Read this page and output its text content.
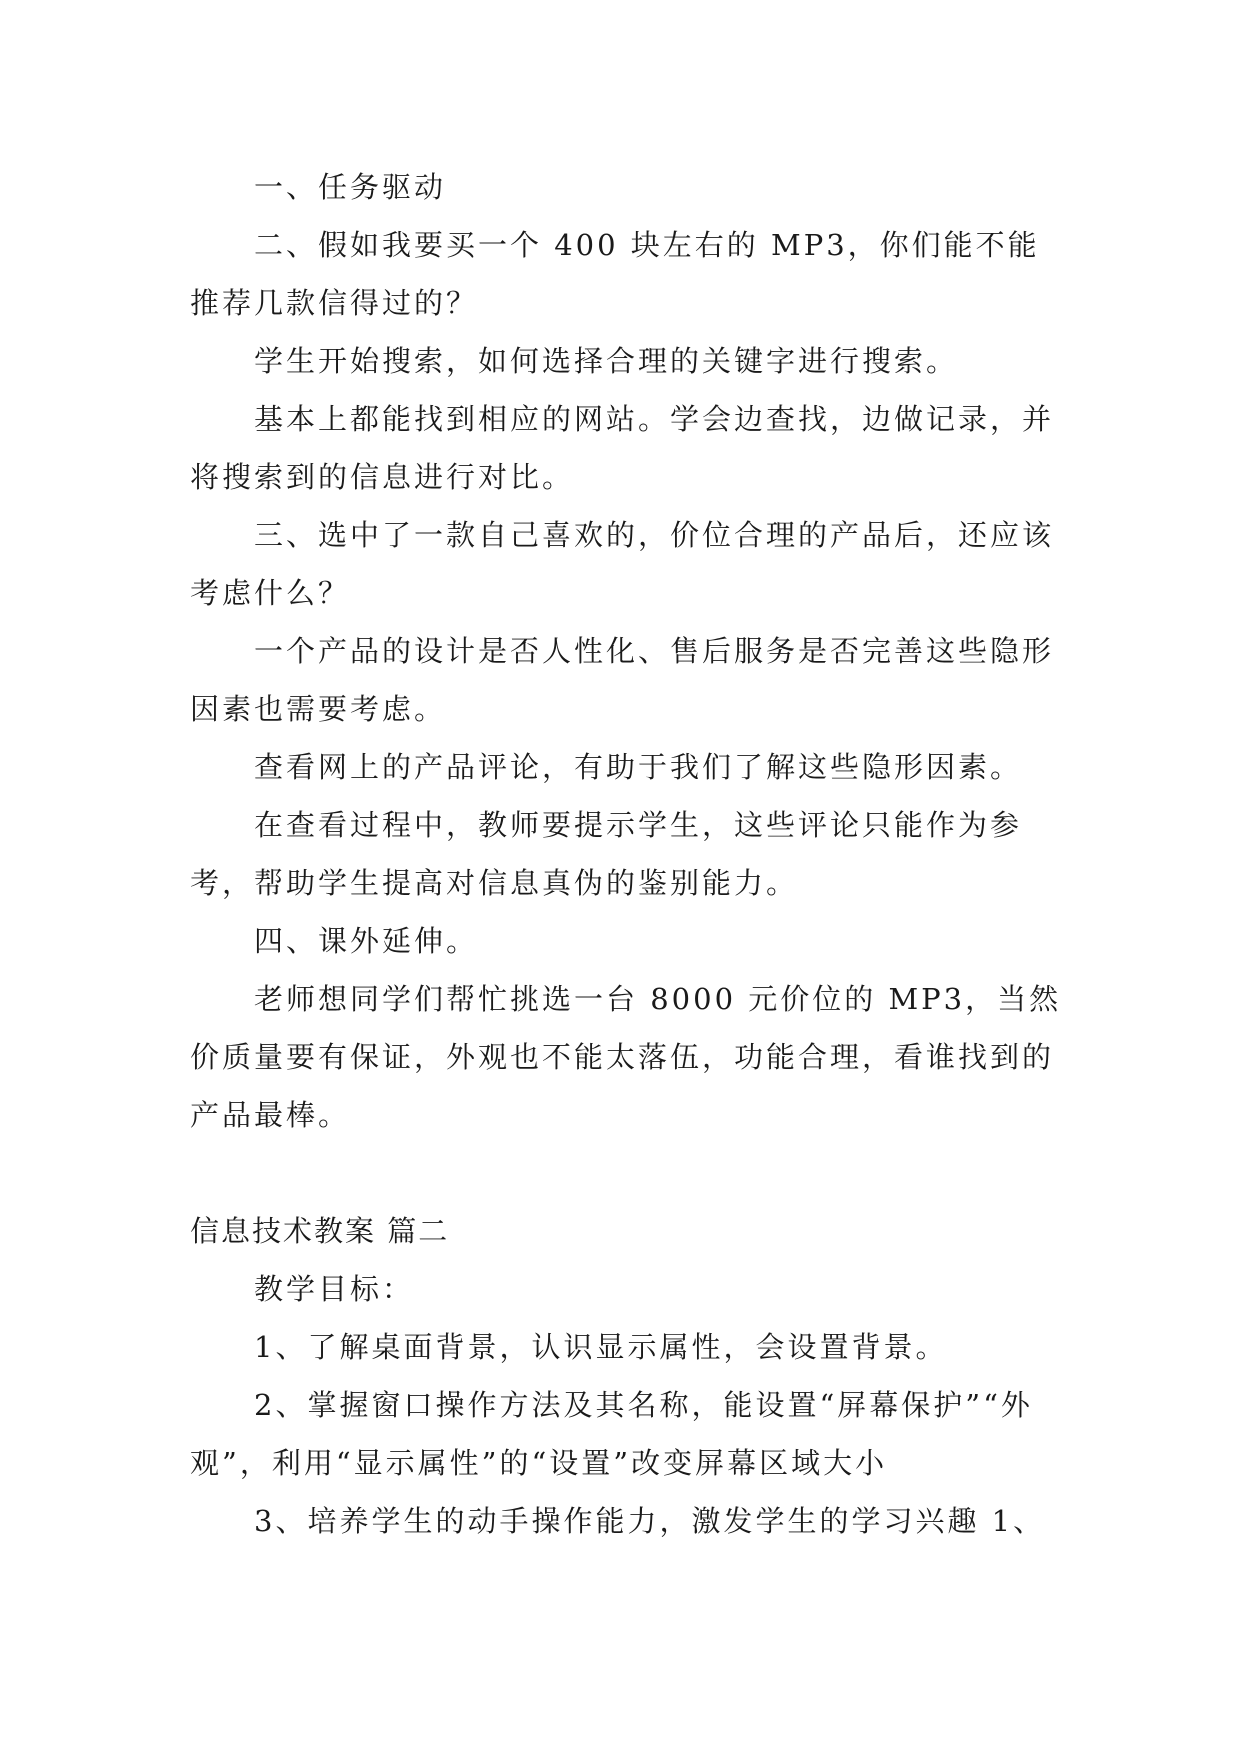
一、任务驱动

二、假如我要买一个 400 块左右的 MP3，你们能不能推荐几款信得过的？

学生开始搜索，如何选择合理的关键字进行搜索。

基本上都能找到相应的网站。学会边查找，边做记录，并将搜索到的信息进行对比。

三、选中了一款自己喜欢的，价位合理的产品后，还应该考虑什么？

一个产品的设计是否人性化、售后服务是否完善这些隐形因素也需要考虑。

查看网上的产品评论，有助于我们了解这些隐形因素。

在查看过程中，教师要提示学生，这些评论只能作为参考，帮助学生提高对信息真伪的鉴别能力。

四、课外延伸。

老师想同学们帮忙挑选一台 8000 元价位的 MP3，当然价质量要有保证，外观也不能太落伍，功能合理，看谁找到的产品最棒。

信息技术教案 篇二

教学目标：

1、了解桌面背景，认识显示属性，会设置背景。

2、掌握窗口操作方法及其名称，能设置“屏幕保护”“外观”，利用“显示属性”的“设置”改变屏幕区域大小

3、培养学生的动手操作能力，激发学生的学习兴趣 1、
